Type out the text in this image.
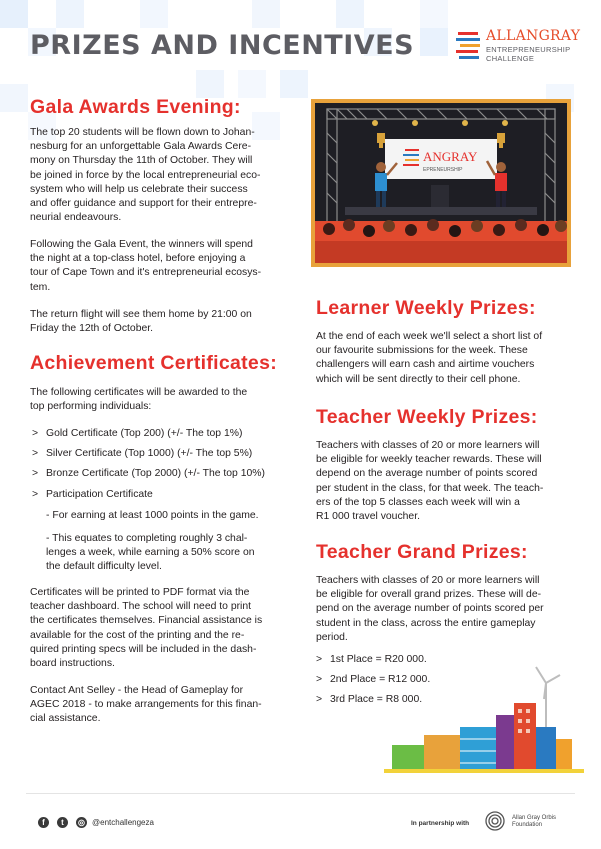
PRIZES AND INCENTIVES	ALLANGRAY
ENTREPRENEURSHIP
CHALLENGE
Gala Awards Evening:
The top 20 students will be flown down to Johan-
nesburg for an unforgettable Gala Awards Cere-
mony on Thursday the 11th of October. They will
be joined in force by the local entrepreneurial eco-
system who will help us celebrate their success
and offer guidance and support for their entrepre-
neurial endeavours.
Following the Gala Event, the winners will spend
the night at a top-class hotel, before enjoying a
tour of Cape Town and it's entrepreneurial ecosys-
tem.
The return flight will see them home by 21:00 on
Friday the 12th of October.
Achievement Certificates:
The following certificates will be awarded to the
top performing individuals:
> Gold Certificate (Top 200) (+/- The top 1%)
> Silver Certificate (Top 1000) (+/- The top 5%)
> Bronze Certificate (Top 2000) (+/- The top 10%)
> Participation Certificate
- For earning at least 1000 points in the game.
- This equates to completing roughly 3 chal-
lenges a week, while earning a 50% score on
the default difficulty level.
Certificates will be printed to PDF format via the
teacher dashboard. The school will need to print
the certificates themselves. Financial assistance is
available for the cost of the printing and the re-
quired printing specs will be included in the dash-
board instructions.
Contact Ant Selley - the Head of Gameplay for
AGEC 2018 - to make arrangements for this finan-
cial assistance.
ANGRAY
EPRENEURSHIP
Learner Weekly Prizes:
At the end of each week we'll select a short list of
our favourite submissions for the week. These
challengers will earn cash and airtime vouchers
which will be sent directly to their cell phone.
Teacher Weekly Prizes:
Teachers with classes of 20 or more learners will
be eligible for weekly teacher rewards. These will
depend on the average number of points scored
per student in the class, for that week. The teach-
ers of the top 5 classes each week will win a
R1 000 travel voucher.
Teacher Grand Prizes:
Teachers with classes of 20 or more learners will
be eligible for overall grand prizes. These will de-
pend on the average number of points scored per
student in the class, across the entire gameplay
period.
> 1st Place = R20 000.
> 2nd Place = R12 000.
> 3rd Place = R8 000.
f	t	◎ @entchallengeza	In partnership with
Allan Gray Orbis
Foundation
